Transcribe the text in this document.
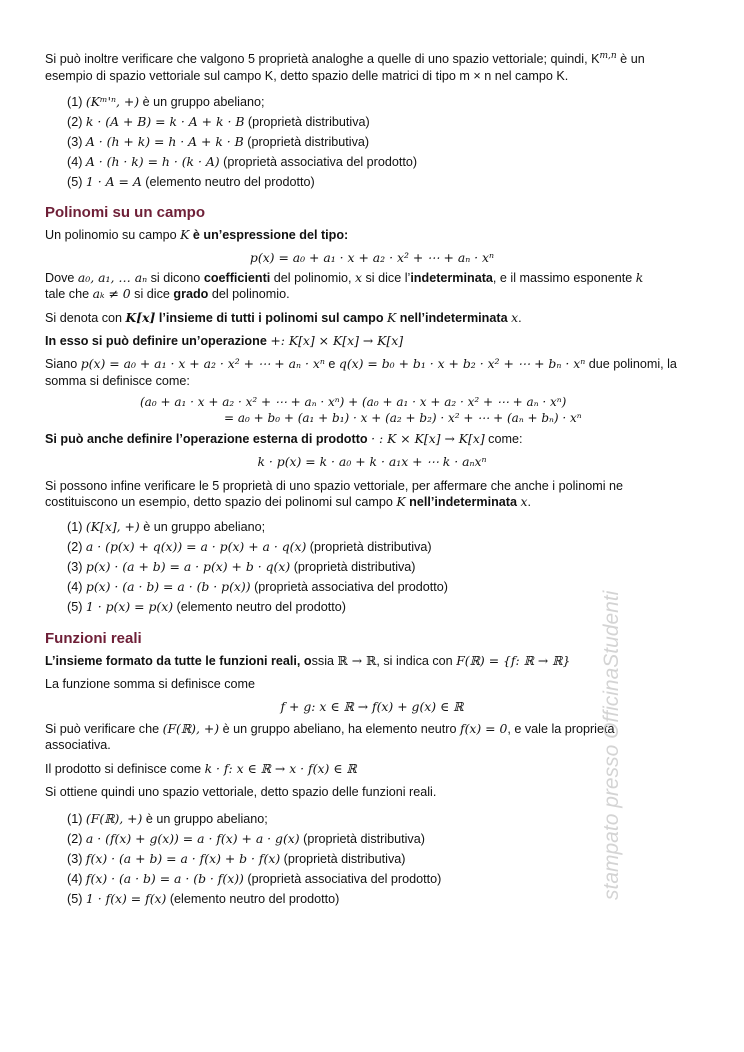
Si può inoltre verificare che valgono 5 proprietà analoghe a quelle di uno spazio vettoriale; quindi, K$^{m,n}$ è un
esempio di spazio vettoriale sul campo K, detto spazio delle matrici di tipo m × n nel campo K.

(1) (Kᵐ'ⁿ, +) è un gruppo abeliano;
(2) k · (A + B) = k · A + k · B (proprietà distributiva)
(3) A · (h + k) = h · A + k · B (proprietà distributiva)
(4) A · (h · k) = h · (k · A) (proprietà associativa del prodotto)
(5) 1 · A = A (elemento neutro del prodotto)
Polinomi su un campo

Un polinomio su campo K è un’espressione del tipo:

p(x) = a₀ + a₁ · x + a₂ · x² + ⋯ + aₙ · xⁿ

Dove a₀, a₁, … aₙ si dicono coefficienti del polinomio, x si dice l’indeterminata, e il massimo esponente k
tale che aₖ ≠ 0 si dice grado del polinomio.

Si denota con K[x] l’insieme di tutti i polinomi sul campo K nell’indeterminata x.

In esso si può definire un’operazione +: K[x] × K[x] → K[x]

Siano p(x) = a₀ + a₁ · x + a₂ · x² + ⋯ + aₙ · xⁿ e q(x) = b₀ + b₁ · x + b₂ · x² + ⋯ + bₙ · xⁿ due polinomi, la
somma si definisce come:

(a₀ + a₁ · x + a₂ · x² + ⋯ + aₙ · xⁿ) + (a₀ + a₁ · x + a₂ · x² + ⋯ + aₙ · xⁿ)
= a₀ + b₀ + (a₁ + b₁) · x + (a₂ + b₂) · x² + ⋯ + (aₙ + bₙ) · xⁿ

Si può anche definire l’operazione esterna di prodotto · : K × K[x] → K[x] come:

k · p(x) = k · a₀ + k · a₁x + ⋯ k · aₙxⁿ

Si possono infine verificare le 5 proprietà di uno spazio vettoriale, per affermare che anche i polinomi ne
costituiscono un esempio, detto spazio dei polinomi sul campo K nell’indeterminata x.

(1) (K[x], +) è un gruppo abeliano;
(2) a · (p(x) + q(x)) = a · p(x) + a · q(x) (proprietà distributiva)
(3) p(x) · (a + b) = a · p(x) + b · q(x) (proprietà distributiva)
(4) p(x) · (a · b) = a · (b · p(x)) (proprietà associativa del prodotto)
(5) 1 · p(x) = p(x) (elemento neutro del prodotto)
Funzioni reali

L’insieme formato da tutte le funzioni reali, ossia ℝ → ℝ, si indica con F(ℝ) = {f: ℝ → ℝ}

La funzione somma si definisce come

f + g: x ∈ ℝ → f(x) + g(x) ∈ ℝ

Si può verificare che (F(ℝ), +) è un gruppo abeliano, ha elemento neutro f(x) = 0, e vale la proprietà
associativa.

Il prodotto si definisce come k · f: x ∈ ℝ → x · f(x) ∈ ℝ

Si ottiene quindi uno spazio vettoriale, detto spazio delle funzioni reali.

(1) (F(ℝ), +) è un gruppo abeliano;
(2) a · (f(x) + g(x)) = a · f(x) + a · g(x) (proprietà distributiva)
(3) f(x) · (a + b) = a · f(x) + b · f(x) (proprietà distributiva)
(4) f(x) · (a · b) = a · (b · f(x)) (proprietà associativa del prodotto)
(5) 1 · f(x) = f(x) (elemento neutro del prodotto)	stampato presso OfficinaStudenti
